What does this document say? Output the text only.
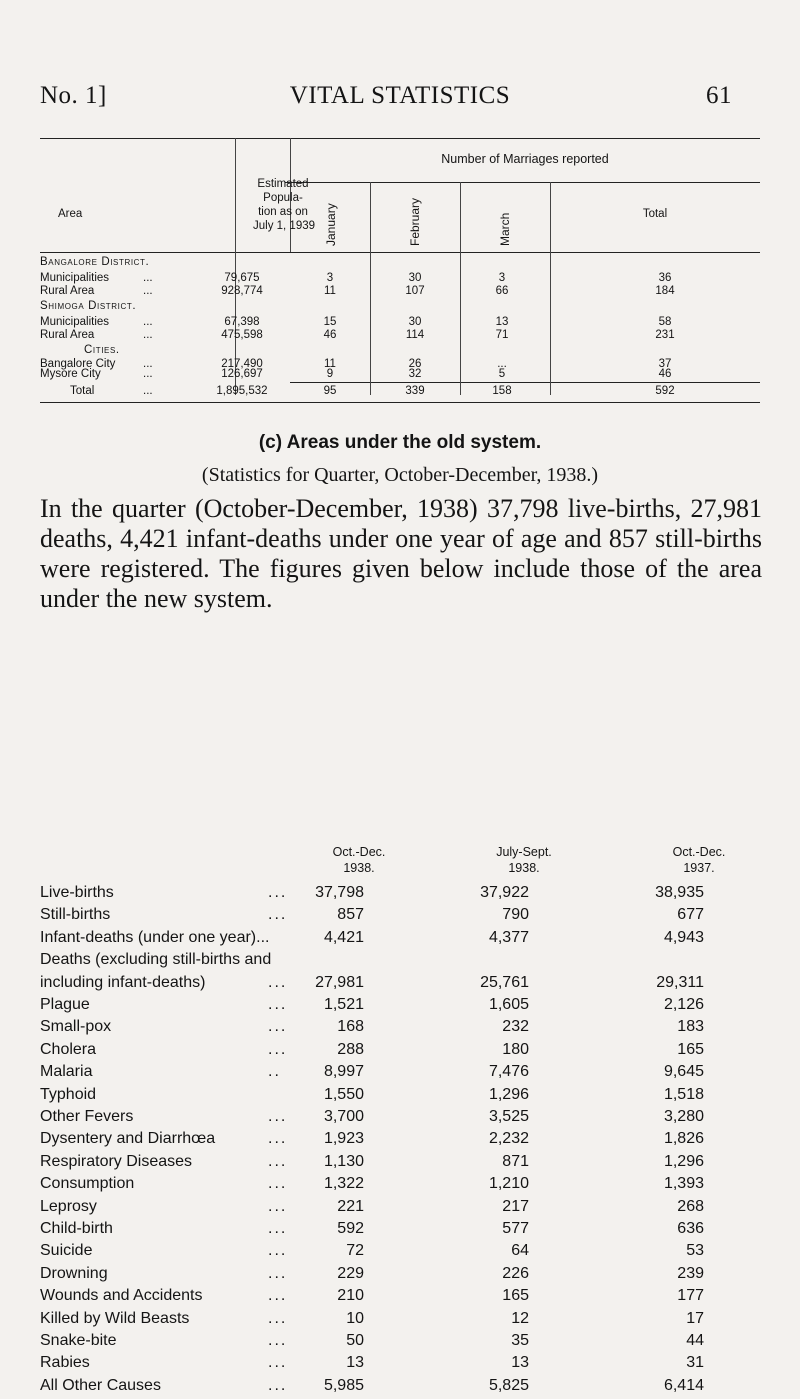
No. 1]	VITAL STATISTICS	61
Area
Estimated
Popula-
tion as on
July 1, 1939
Number of Marriages reported
January	February	March	Total
Bangalore District.
Municipalities	...	79,675	3	30	3	36
Rural Area	...	928,774	11	107	66	184
Shimoga District.
Municipalities	...	67,398	15	30	13	58
Rural Area	...	475,598	46	114	71	231
Cities.
Bangalore City ...	217,490	11	26	...	37
Mysore City	...	126,697	9	32	5	46
Total	...	1,895,532	95	339	158	592
(c) Areas under the old system.
(Statistics for Quarter, October-December, 1938.)
In the quarter (October-December, 1938) 37,798 live-births, 27,981 deaths, 4,421 infant-deaths under one year of age and 857 still-births were registered. The figures given below include those of the area under the new system.
Oct.-Dec.
1938.
July-Sept.
1938.
Oct.-Dec.
1937.
Live-births	...	37,798	37,922	38,935
Still-births	...	857	790	677
Infant-deaths (under one year)...	4,421	4,377	4,943
Deaths (excluding still-births and
including infant-deaths)	...	27,981	25,761	29,311
Plague	...	1,521	1,605	2,126
Small-pox	...	168	232	183
Cholera	...	288	180	165
Malaria	..	8,997	7,476	9,645
Typhoid	1,550	1,296	1,518
Other Fevers	...	3,700	3,525	3,280
Dysentery and Diarrhœa	...	1,923	2,232	1,826
Respiratory Diseases	...	1,130	871	1,296
Consumption	...	1,322	1,210	1,393
Leprosy	...	221	217	268
Child-birth	...	592	577	636
Suicide	...	72	64	53
Drowning	...	229	226	239
Wounds and Accidents	...	210	165	177
Killed by Wild Beasts	...	10	12	17
Snake-bite	...	50	35	44
Rabies	...	13	13	31
All Other Causes	...	5,985	5,825	6,414
